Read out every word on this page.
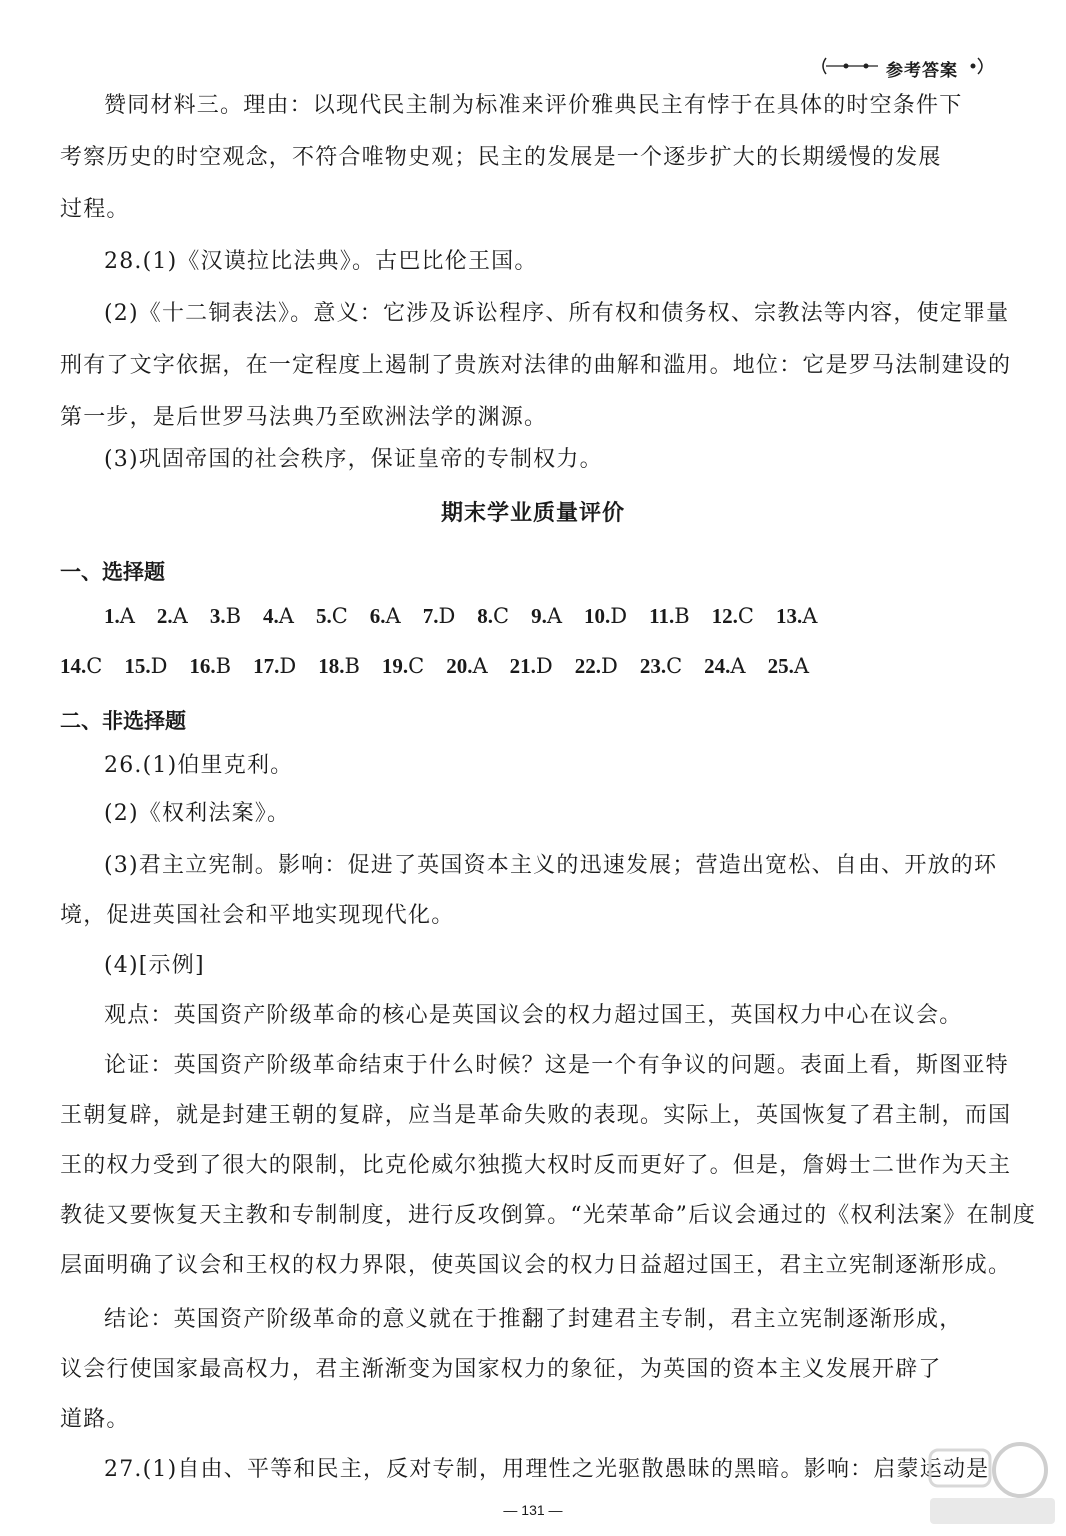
参考答案
赞同材料三。理由：以现代民主制为标准来评价雅典民主有悖于在具体的时空条件下
考察历史的时空观念，不符合唯物史观；民主的发展是一个逐步扩大的长期缓慢的发展
过程。
28.(1)《汉谟拉比法典》。古巴比伦王国。
(2)《十二铜表法》。意义：它涉及诉讼程序、所有权和债务权、宗教法等内容，使定罪量
刑有了文字依据，在一定程度上遏制了贵族对法律的曲解和滥用。地位：它是罗马法制建设的
第一步，是后世罗马法典乃至欧洲法学的渊源。
(3)巩固帝国的社会秩序，保证皇帝的专制权力。
期末学业质量评价
一、选择题
1.A 2.A 3.B 4.A 5.C 6.A 7.D 8.C 9.A 10.D 11.B 12.C 13.A
14.C 15.D 16.B 17.D 18.B 19.C 20.A 21.D 22.D 23.C 24.A 25.A
二、非选择题
26.(1)伯里克利。
(2)《权利法案》。
(3)君主立宪制。影响：促进了英国资本主义的迅速发展；营造出宽松、自由、开放的环
境，促进英国社会和平地实现现代化。
(4)[示例]
观点：英国资产阶级革命的核心是英国议会的权力超过国王，英国权力中心在议会。
论证：英国资产阶级革命结束于什么时候？这是一个有争议的问题。表面上看，斯图亚特
王朝复辟，就是封建王朝的复辟，应当是革命失败的表现。实际上，英国恢复了君主制，而国
王的权力受到了很大的限制，比克伦威尔独揽大权时反而更好了。但是，詹姆士二世作为天主
教徒又要恢复天主教和专制制度，进行反攻倒算。“光荣革命”后议会通过的《权利法案》在制度
层面明确了议会和王权的权力界限，使英国议会的权力日益超过国王，君主立宪制逐渐形成。
结论：英国资产阶级革命的意义就在于推翻了封建君主专制，君主立宪制逐渐形成，
议会行使国家最高权力，君主渐渐变为国家权力的象征，为英国的资本主义发展开辟了
道路。
27.(1)自由、平等和民主，反对专制，用理性之光驱散愚昧的黑暗。影响：启蒙运动是
— 131 —
